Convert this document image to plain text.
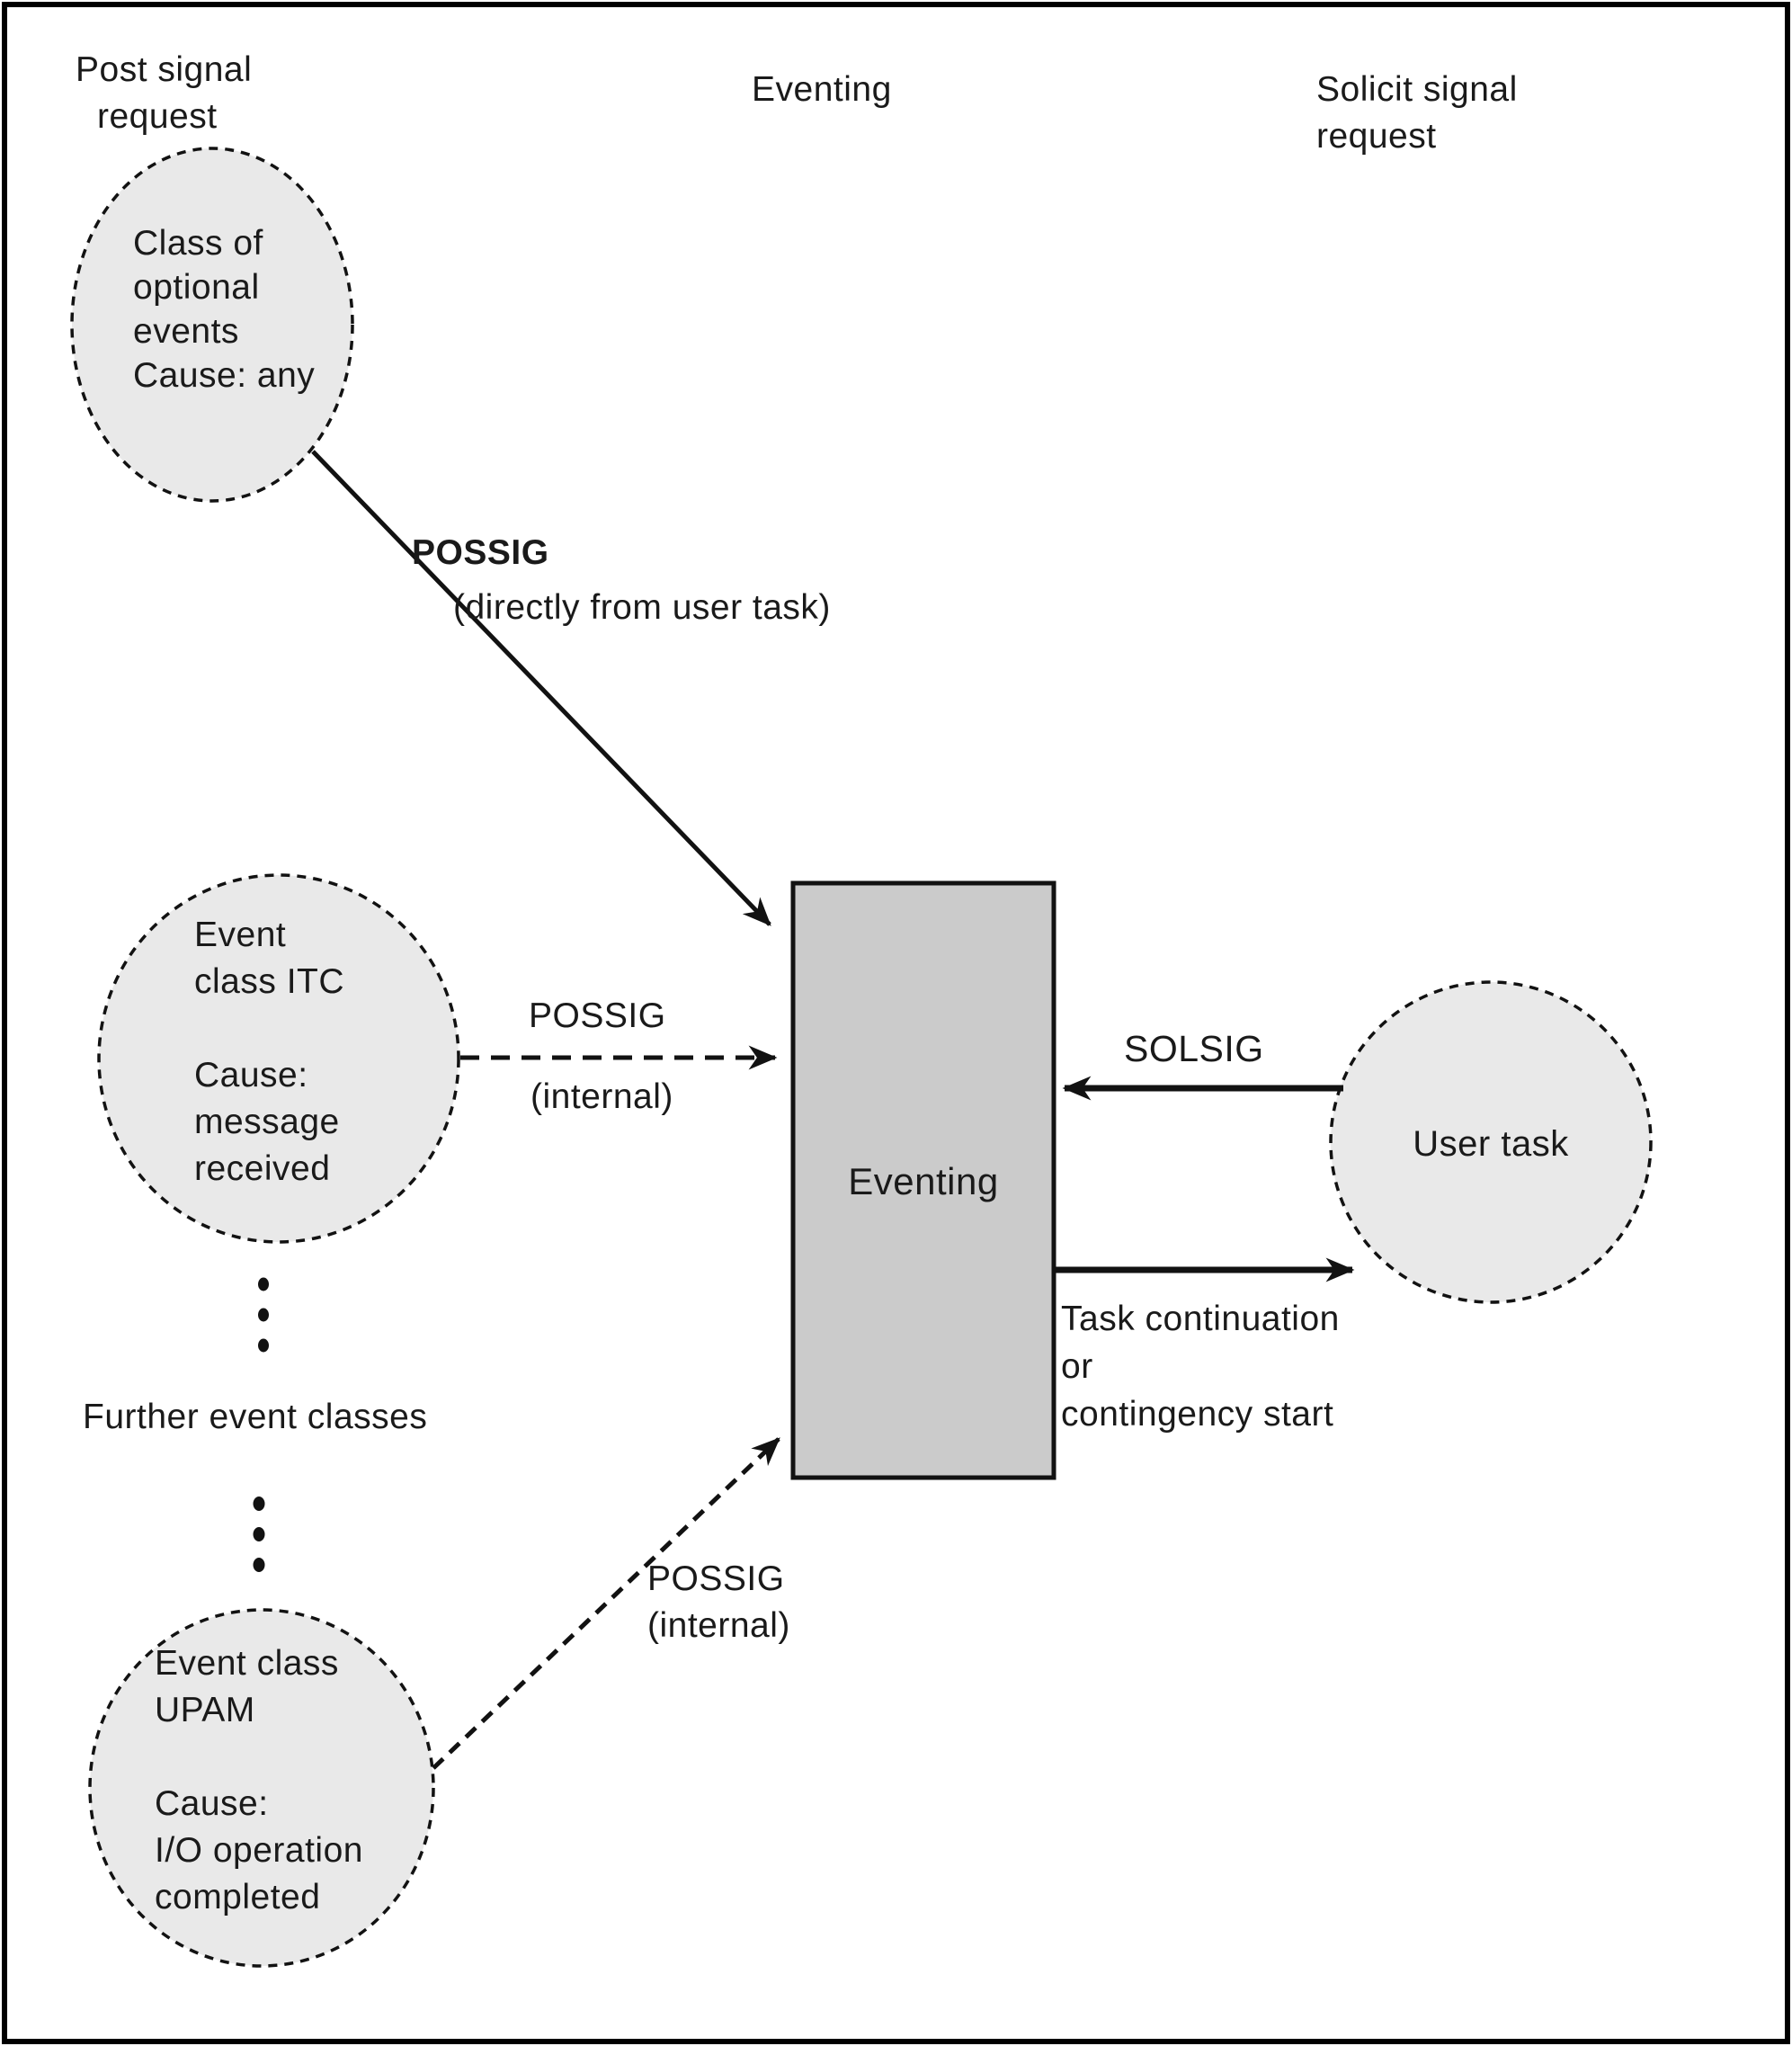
Post signal
request
Eventing	Solicit signal
request
Class of
optional
events
Cause: any
POSSIG
(directly from user task)
Event
class ITC
Cause:
message
received
POSSIG
(internal)
Eventing
SOLSIG
User task
Task continuation
or
contingency start
Further event classes
Event class
UPAM
Cause:
I/O operation
completed
POSSIG
(internal)
